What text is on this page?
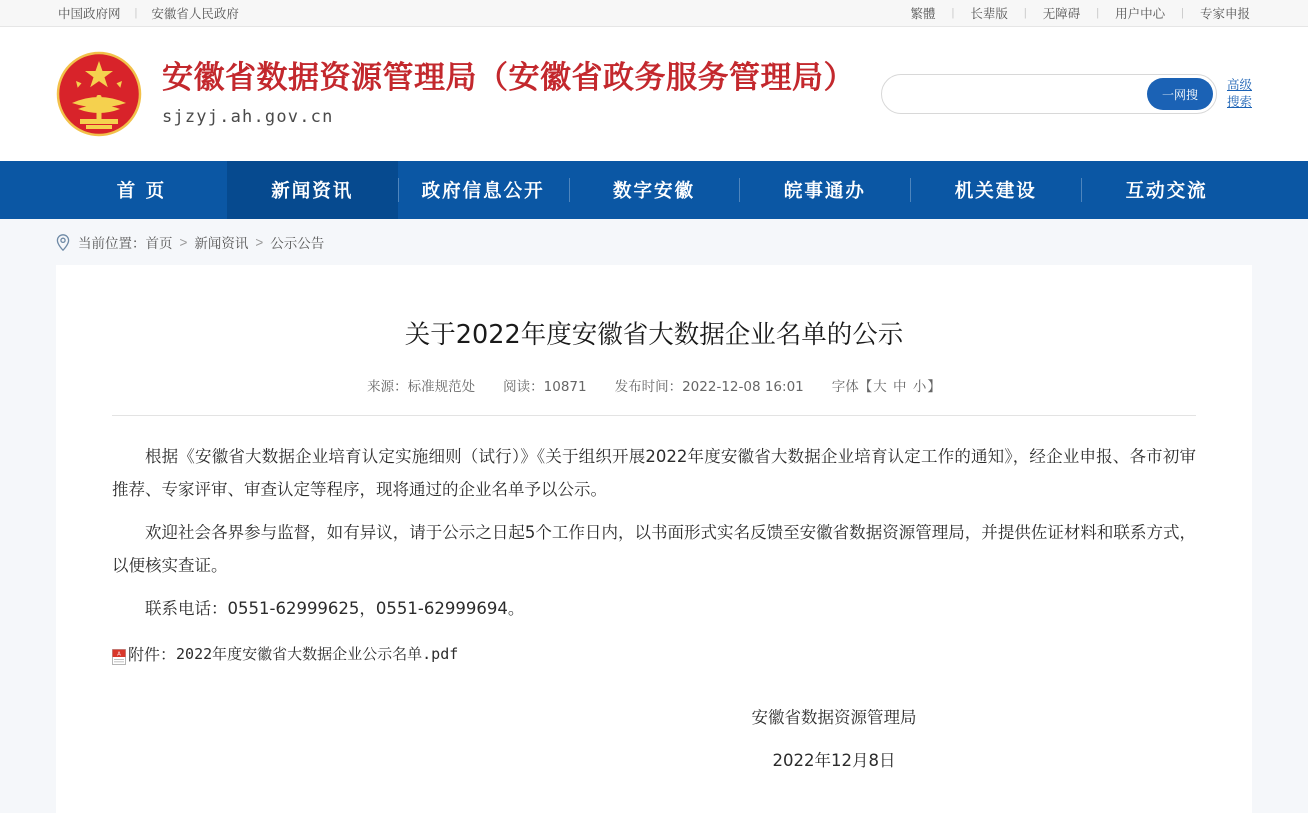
中国政府网 | 安徽省人民政府	繁體 | 长辈版 | 无障碍 | 用户中心 | 专家申报
安徽省数据资源管理局（安徽省政务服务管理局）
sjzyj.ah.gov.cn
一网搜
高级
搜索
首 页	新闻资讯	政府信息公开	数字安徽	皖事通办	机关建设	互动交流
当前位置： 首页 > 新闻资讯 > 公示公告
关于2022年度安徽省大数据企业名单的公示
来源：标准规范处 阅读：10871 发布时间：2022-12-08 16:01 字体【大 中 小】

根据《安徽省大数据企业培育认定实施细则（试行）》《关于组织开展2022年度安徽省大数据企业培育认定工作的通知》，经企业申报、各市初审推荐、专家评审、审查认定等程序，现将通过的企业名单予以公示。

欢迎社会各界参与监督，如有异议，请于公示之日起5个工作日内，以书面形式实名反馈至安徽省数据资源管理局，并提供佐证材料和联系方式，以便核实查证。

联系电话：0551-62999625，0551-62999694。

A 附件： 2022年度安徽省大数据企业公示名单.pdf
安徽省数据资源管理局
2022年12月8日
